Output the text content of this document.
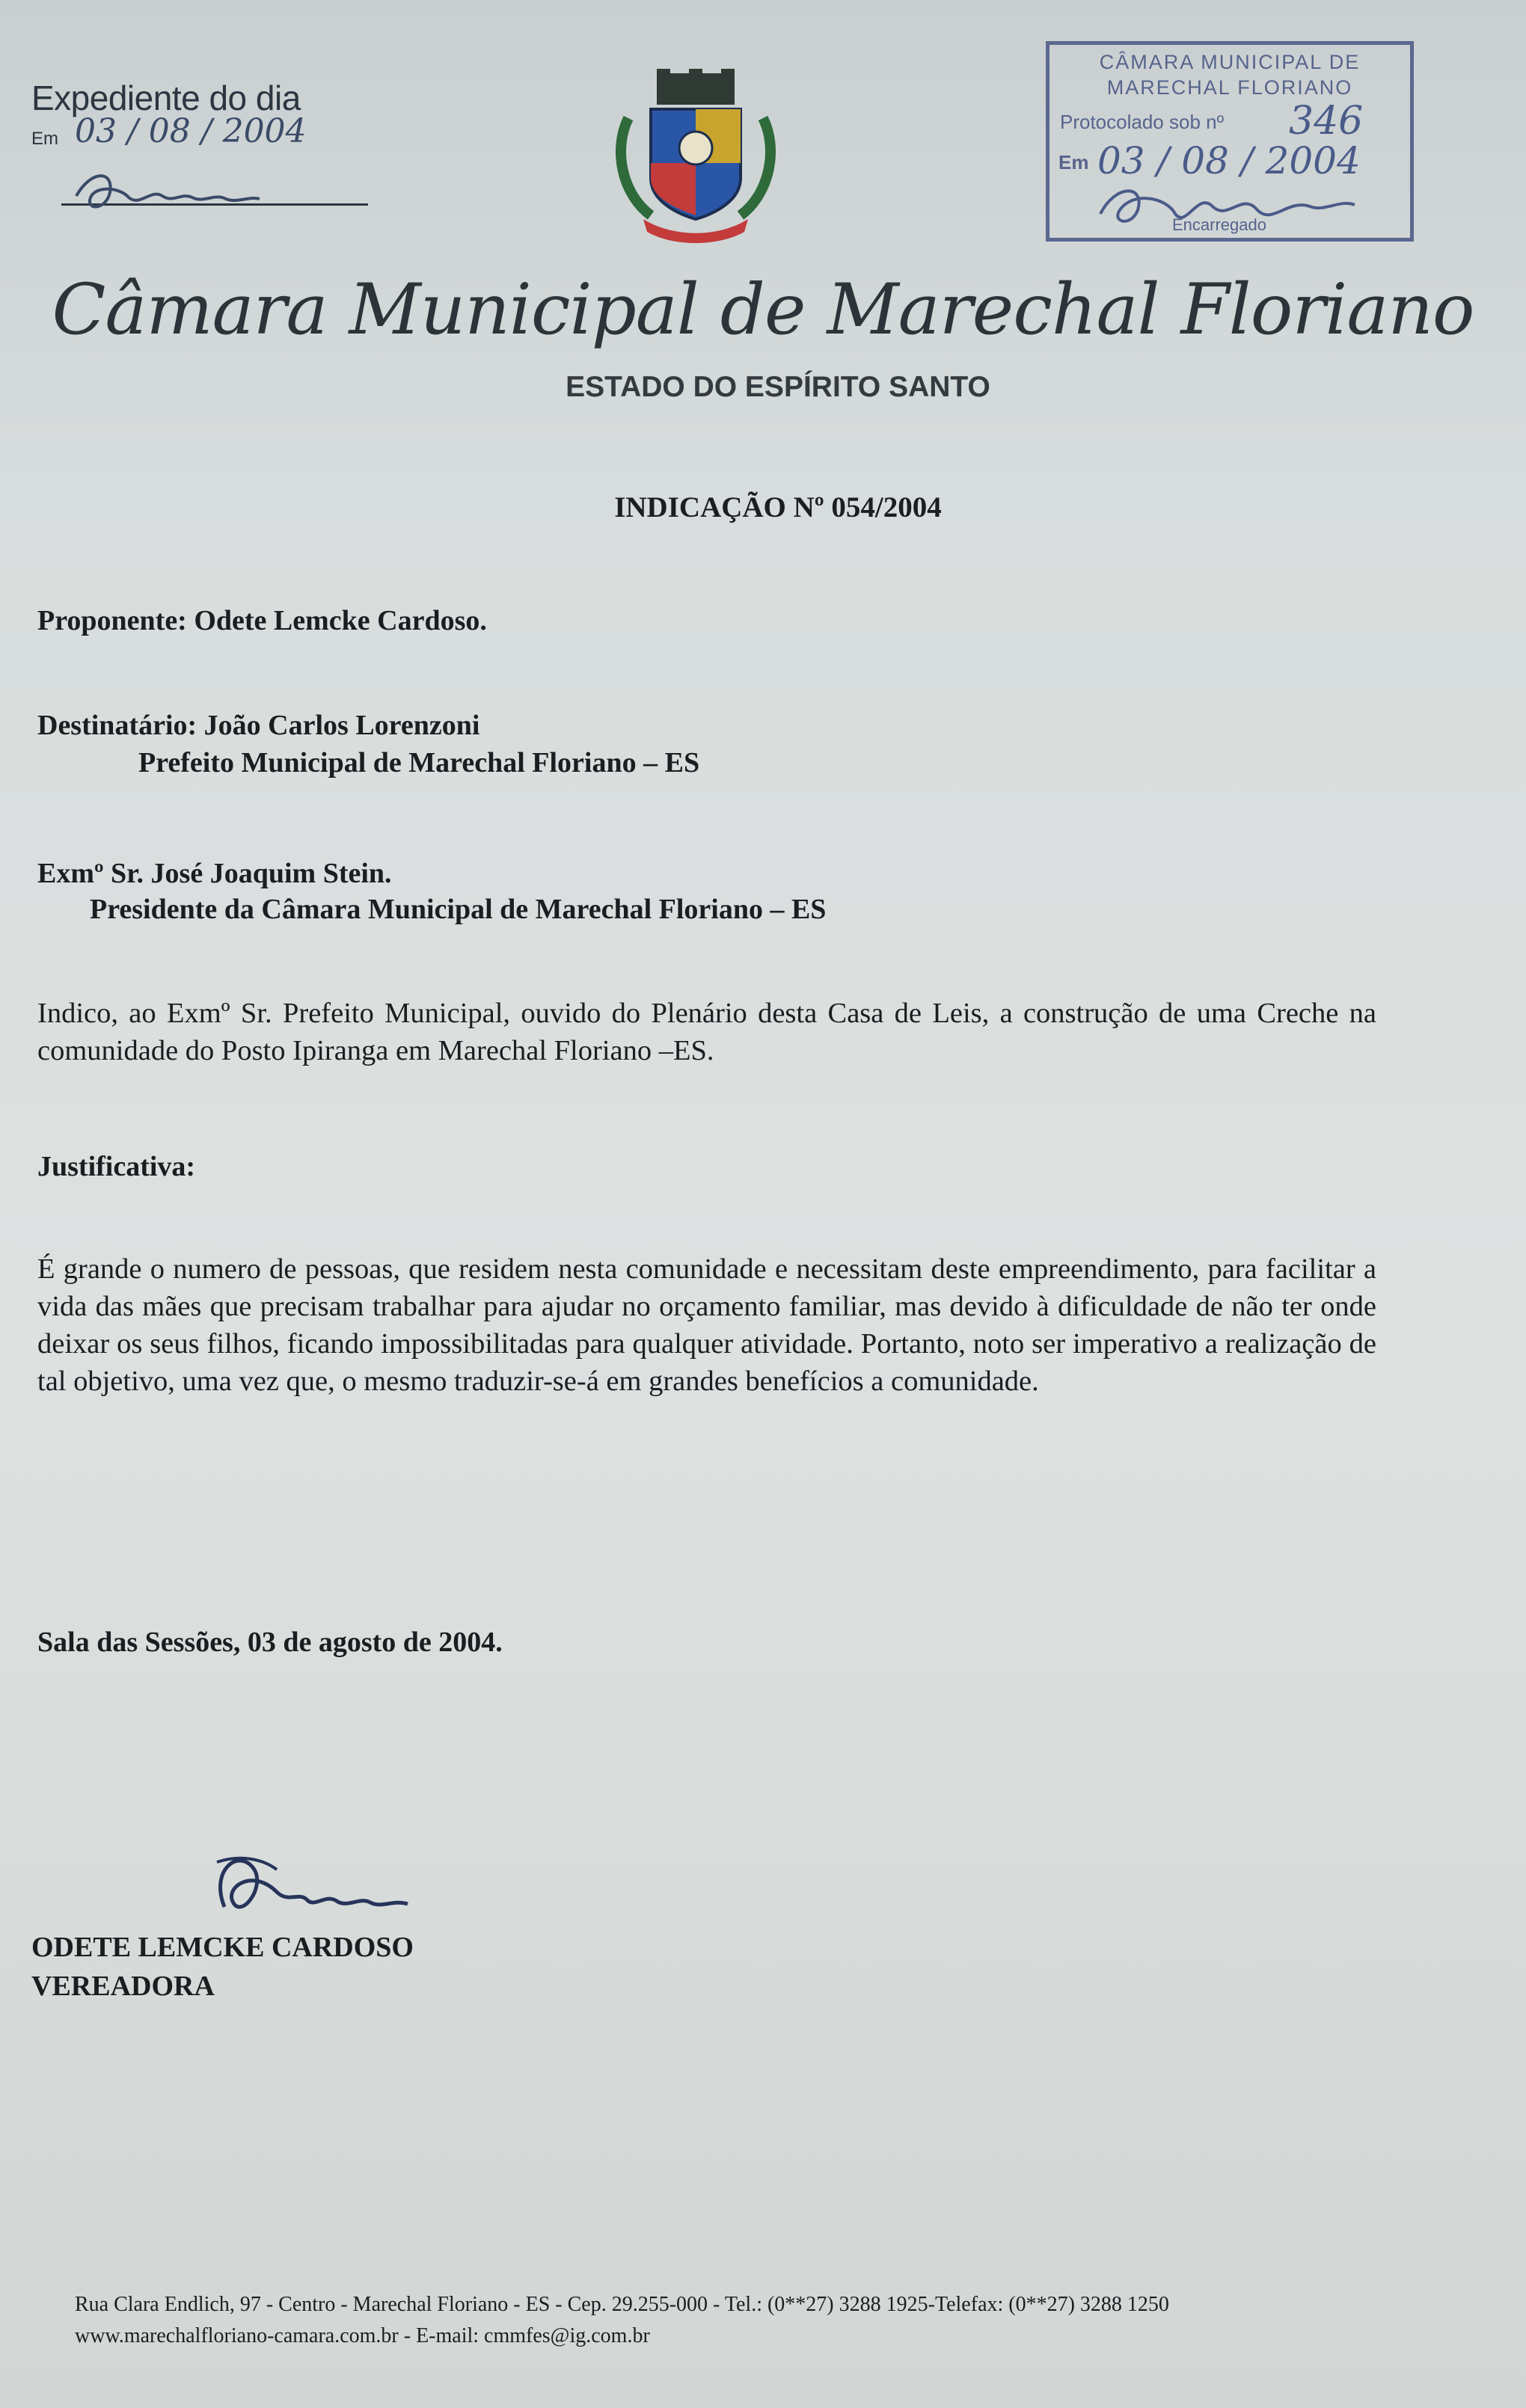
Expediente do dia
Em 03 / 08 / 2004
CÂMARA MUNICIPAL DE
MARECHAL FLORIANO
Protocolado sob nº 346
Em 03 / 08 / 2004
Encarregado
Câmara Municipal de Marechal Floriano
ESTADO DO ESPÍRITO SANTO
INDICAÇÃO Nº 054/2004
Proponente: Odete Lemcke Cardoso.
Destinatário: João Carlos Lorenzoni
Prefeito Municipal de Marechal Floriano – ES
Exmº Sr. José Joaquim Stein.
Presidente da Câmara Municipal de Marechal Floriano – ES
Indico, ao Exmº Sr. Prefeito Municipal, ouvido do Plenário desta Casa de Leis, a construção de uma Creche na comunidade do Posto Ipiranga em Marechal Floriano –ES.
Justificativa:
É grande o numero de pessoas, que residem nesta comunidade e necessitam deste empreendimento, para facilitar a vida das mães que precisam trabalhar para ajudar no orçamento familiar, mas devido à dificuldade de não ter onde deixar os seus filhos, ficando impossibilitadas para qualquer atividade. Portanto, noto ser imperativo a realização de tal objetivo, uma vez que, o mesmo traduzir-se-á em grandes benefícios a comunidade.
Sala das Sessões, 03 de agosto de 2004.
ODETE LEMCKE CARDOSO
VEREADORA
Rua Clara Endlich, 97 - Centro - Marechal Floriano - ES - Cep. 29.255-000 - Tel.: (0**27) 3288 1925-Telefax: (0**27) 3288 1250
www.marechalfloriano-camara.com.br - E-mail: cmmfes@ig.com.br
